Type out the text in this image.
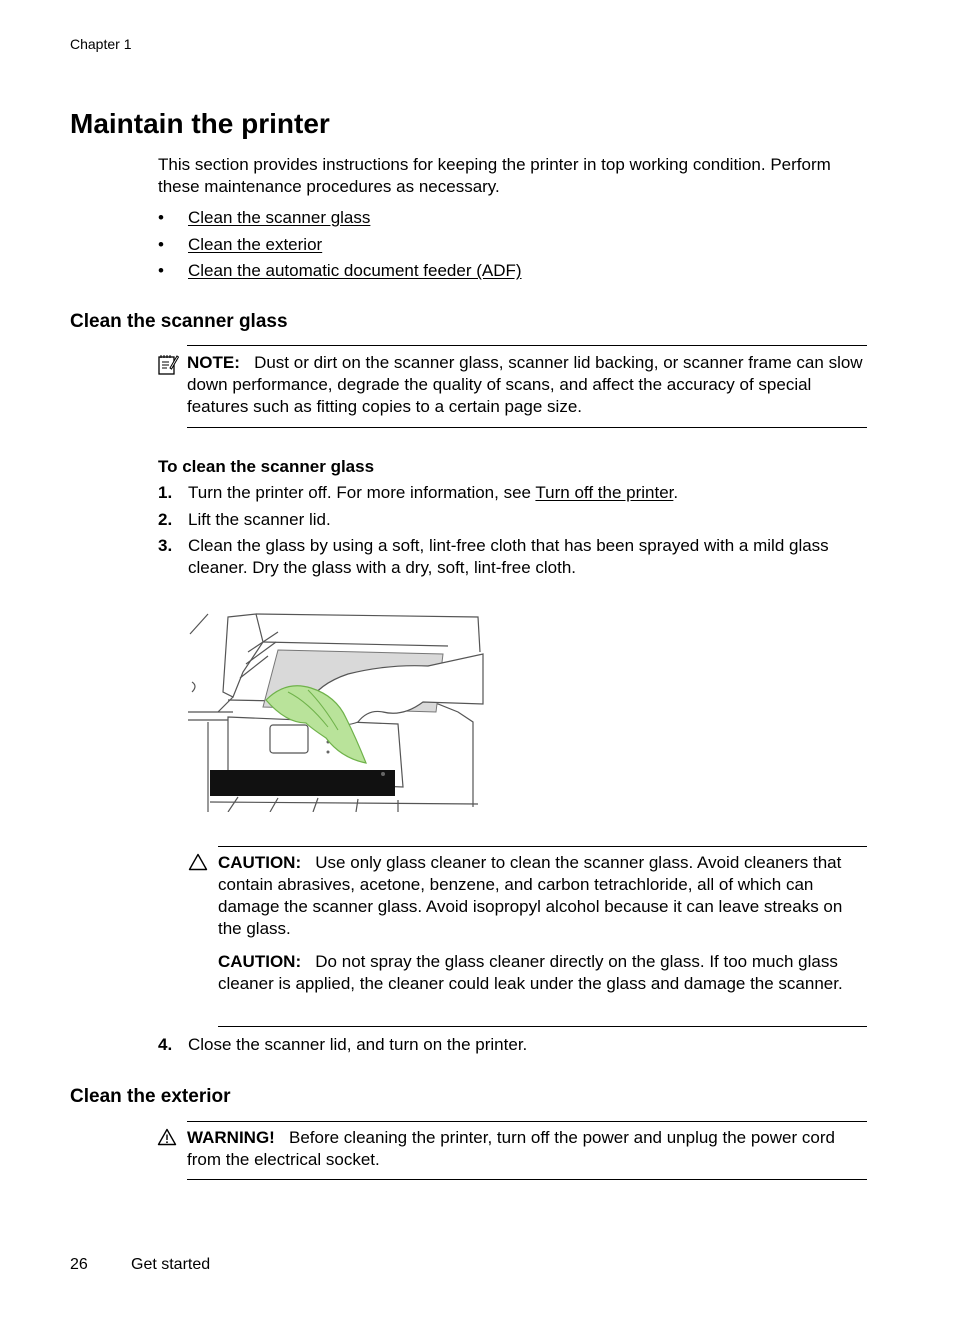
Chapter 1
Maintain the printer
This section provides instructions for keeping the printer in top working condition. Perform these maintenance procedures as necessary.
• Clean the scanner glass
• Clean the exterior
• Clean the automatic document feeder (ADF)
Clean the scanner glass
NOTE: Dust or dirt on the scanner glass, scanner lid backing, or scanner frame can slow down performance, degrade the quality of scans, and affect the accuracy of special features such as fitting copies to a certain page size.
To clean the scanner glass
1. Turn the printer off. For more information, see Turn off the printer.
2. Lift the scanner lid.
3. Clean the glass by using a soft, lint-free cloth that has been sprayed with a mild glass cleaner. Dry the glass with a dry, soft, lint-free cloth.

CAUTION: Use only glass cleaner to clean the scanner glass. Avoid cleaners that contain abrasives, acetone, benzene, and carbon tetrachloride, all of which can damage the scanner glass. Avoid isopropyl alcohol because it can leave streaks on the glass.

CAUTION: Do not spray the glass cleaner directly on the glass. If too much glass cleaner is applied, the cleaner could leak under the glass and damage the scanner.

4. Close the scanner lid, and turn on the printer.
Clean the exterior
WARNING! Before cleaning the printer, turn off the power and unplug the power cord from the electrical socket.
26	Get started
